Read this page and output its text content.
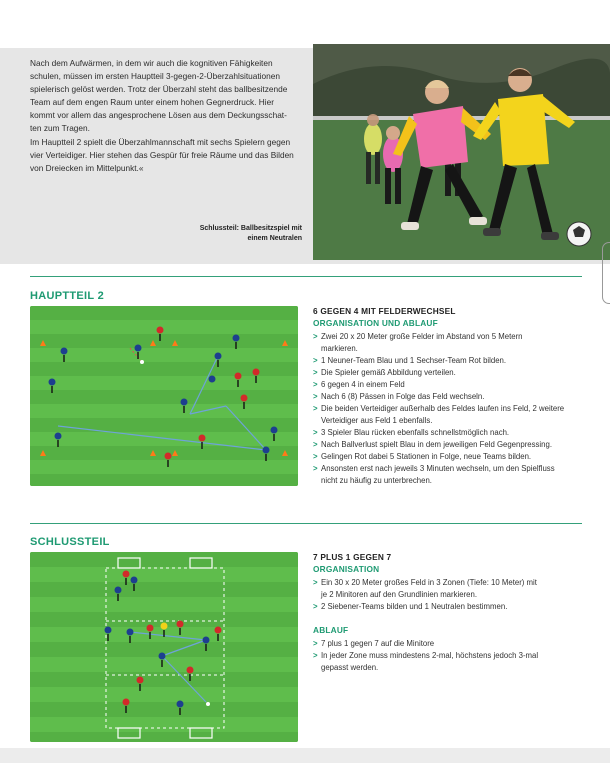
Nach dem Aufwärmen, in dem wir auch die kognitiven Fähigkeiten
schulen, müssen im ersten Hauptteil 3-gegen-2-Überzahlsituationen
spielerisch gelöst werden. Trotz der Überzahl steht das ballbesitzende
Team auf dem engen Raum unter einem hohen Gegnerdruck. Hier
kommt vor allem das angesprochene Lösen aus dem Deckungsschat-
ten zum Tragen.
Im Hauptteil 2 spielt die Überzahlmannschaft mit sechs Spielern gegen
vier Verteidiger. Hier stehen das Gespür für freie Räume und das Bilden
von Dreiecken im Mittelpunkt.«
Schlussteil: Ballbesitzspiel mit
einem Neutralen
HAUPTTEIL 2
6 GEGEN 4 MIT FELDERWECHSEL
ORGANISATION UND ABLAUF
> Zwei 20 x 20 Meter große Felder im Abstand von 5 Metern
markieren.
> 1 Neuner-Team Blau und 1 Sechser-Team Rot bilden.
> Die Spieler gemäß Abbildung verteilen.
> 6 gegen 4 in einem Feld
> Nach 6 (8) Pässen in Folge das Feld wechseln.
> Die beiden Verteidiger außerhalb des Feldes laufen ins Feld, 2 weitere
Verteidiger aus Feld 1 ebenfalls.
> 3 Spieler Blau rücken ebenfalls schnellstmöglich nach.
> Nach Ballverlust spielt Blau in dem jeweiligen Feld Gegenpressing.
> Gelingen Rot dabei 5 Stationen in Folge, neue Teams bilden.
> Ansonsten erst nach jeweils 3 Minuten wechseln, um den Spielfluss
nicht zu häufig zu unterbrechen.
SCHLUSSTEIL
7 PLUS 1 GEGEN 7
ORGANISATION
> Ein 30 x 20 Meter großes Feld in 3 Zonen (Tiefe: 10 Meter) mit
je 2 Minitoren auf den Grundlinien markieren.
> 2 Siebener-Teams bilden und 1 Neutralen bestimmen.
ABLAUF
> 7 plus 1 gegen 7 auf die Minitore
> In jeder Zone muss mindestens 2-mal, höchstens jedoch 3-mal
gepasst werden.
